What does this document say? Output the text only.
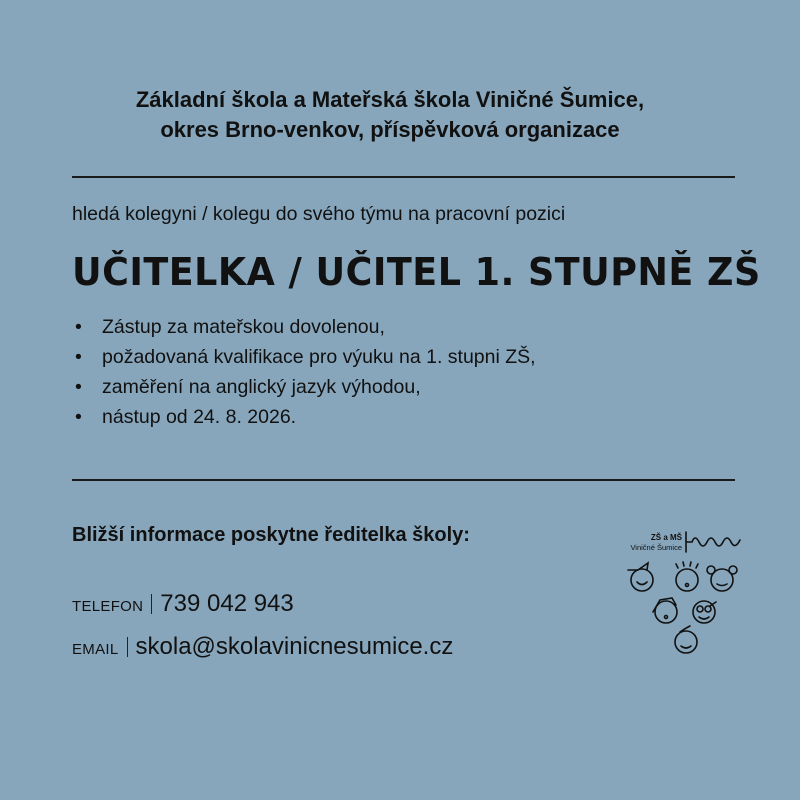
Základní škola a Mateřská škola Viničné Šumice,
okres Brno-venkov, příspěvková organizace
hledá kolegyni / kolegu do svého týmu na pracovní pozici
UČITELKA / UČITEL 1. STUPNĚ ZŠ
•	Zástup za mateřskou dovolenou,
•	požadovaná kvalifikace pro výuku na 1. stupni ZŠ,
•	zaměření na anglický jazyk výhodou,
•	nástup od 24. 8. 2026.
Bližší informace poskytne ředitelka školy:
TELEFON 739 042 943
EMAIL skola@skolavinicnesumice.cz
ZŠ a MŠ
Viničné Šumice
